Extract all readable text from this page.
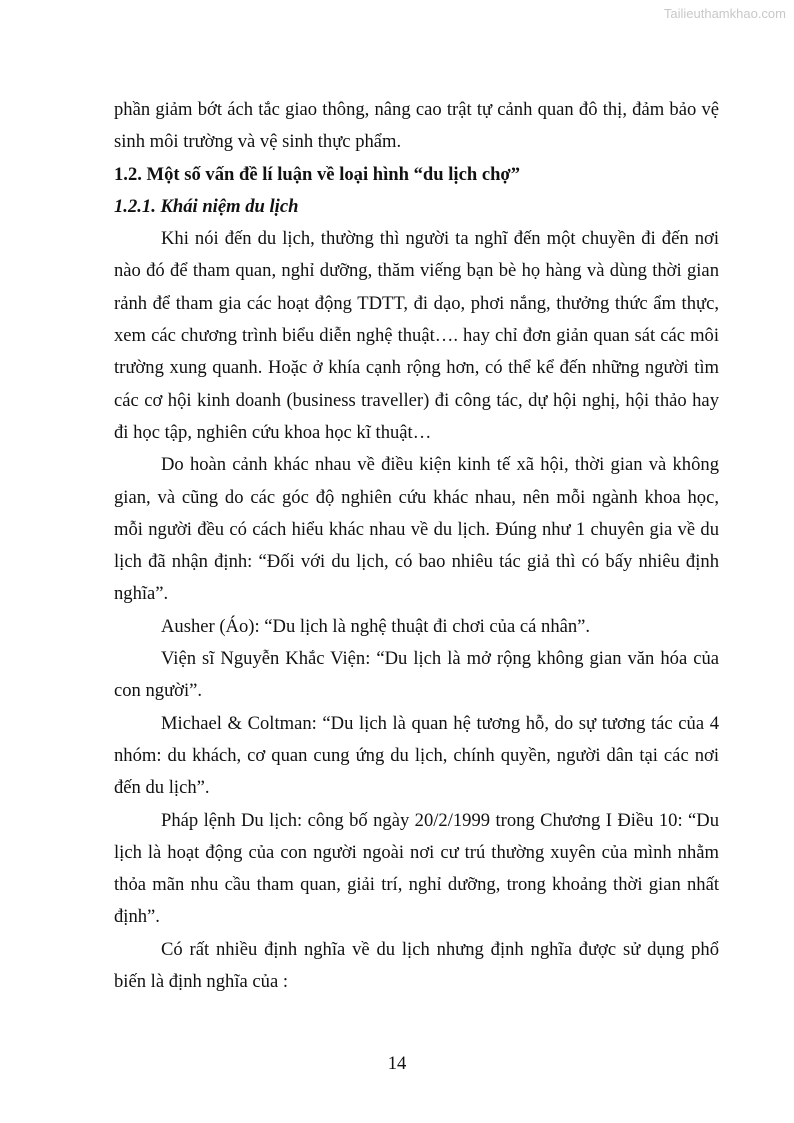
Tailieuthamkhao.com

phần giảm bớt ách tắc giao thông, nâng cao trật tự cảnh quan đô thị, đảm bảo vệ sinh môi trường và vệ sinh thực phẩm.

1.2. Một số vấn đề lí luận về loại hình “du lịch chợ”

1.2.1. Khái niệm du lịch

Khi nói đến du lịch, thường thì người ta nghĩ đến một chuyền đi đến nơi nào đó để tham quan, nghỉ dưỡng, thăm viếng bạn bè họ hàng và dùng thời gian rảnh để tham gia các hoạt động TDTT, đi dạo, phơi nắng, thưởng thức ẩm thực, xem các chương trình biểu diễn nghệ thuật…. hay chỉ đơn giản quan sát các môi trường xung quanh. Hoặc ở khía cạnh rộng hơn, có thể kể đến những người tìm các cơ hội kinh doanh (business traveller) đi công tác, dự hội nghị, hội thảo hay đi học tập, nghiên cứu khoa học kĩ thuật…

Do hoàn cảnh khác nhau về điều kiện kinh tế xã hội, thời gian và không gian, và cũng do các góc độ nghiên cứu khác nhau, nên mỗi ngành khoa học, mỗi người đều có cách hiểu khác nhau về du lịch. Đúng như 1 chuyên gia về du lịch đã nhận định: “Đối với du lịch, có bao nhiêu tác giả thì có bấy nhiêu định nghĩa”.

Ausher (Áo): “Du lịch là nghệ thuật đi chơi của cá nhân”.

Viện sĩ Nguyễn Khắc Viện: “Du lịch là mở rộng không gian văn hóa của con người”.

Michael & Coltman: “Du lịch là quan hệ tương hỗ, do sự tương tác của 4 nhóm: du khách, cơ quan cung ứng du lịch, chính quyền, người dân tại các nơi đến du lịch”.

Pháp lệnh Du lịch: công bố ngày 20/2/1999 trong Chương I Điều 10: “Du lịch là hoạt động của con người ngoài nơi cư trú thường xuyên của mình nhằm thỏa mãn nhu cầu tham quan, giải trí, nghỉ dưỡng, trong khoảng thời gian nhất định”.

Có rất nhiều định nghĩa về du lịch nhưng định nghĩa được sử dụng phổ biến là định nghĩa của :

14
